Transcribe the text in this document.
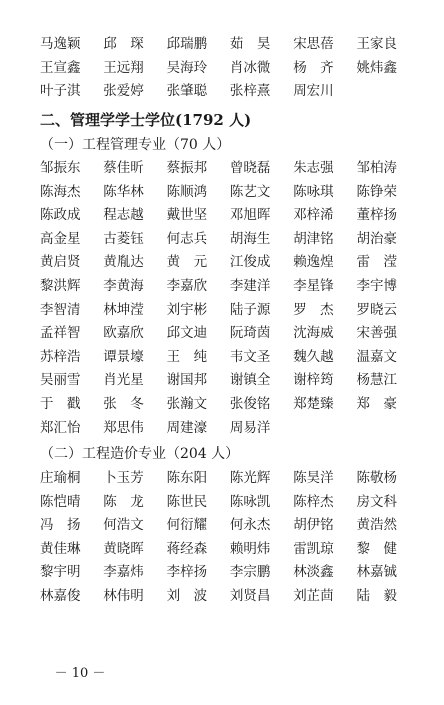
马逸颖	邱　琛	邱瑞鹏	茹　昊	宋思蓓	王家良
王宣鑫	王远翔	吴海玲	肖冰微	杨　齐	姚炜鑫
叶子淇	张爱婷	张肇聪	张梓熹	周宏川
二、管理学学士学位(1792 人)
（一）工程管理专业（70 人）
邹振东	蔡佳昕	蔡振邦	曾晓磊	朱志强	邹柏涛
陈海杰	陈华林	陈顺鸿	陈艺文	陈咏琪	陈铮荣
陈政成	程志越	戴世坚	邓旭晖	邓梓浠	董梓扬
高金星	古菱钰	何志兵	胡海生	胡津铭	胡治豪
黄启贤	黄胤达	黄　元	江俊成	赖逸煌	雷　滢
黎洪辉	李黄海	李嘉欣	李建洋	李星锋	李宇博
李智清	林坤滢	刘宇彬	陆子源	罗　杰	罗晓云
孟祥智	欧嘉欣	邱文迪	阮琦茵	沈海威	宋善强
苏梓浩	谭景壕	王　纯	韦文圣	魏久越	温嘉文
吴丽雪	肖光星	谢国邦	谢镇全	谢梓筠	杨慧江
于　戳	张　冬	张瀚文	张俊铭	郑楚臻	郑　豪
郑汇怡	郑思伟	周建濠	周易洋
（二）工程造价专业（204 人）
庄瑜桐	卜玉芳	陈东阳	陈光辉	陈昊洋	陈敬杨
陈恺晴	陈　龙	陈世民	陈咏凯	陈梓杰	房文科
冯　扬	何浩文	何衍耀	何永杰	胡伊铭	黄浩然
黄佳琳	黄晓晖	蒋经森	赖明炜	雷凯琼	黎　健
黎宇明	李嘉炜	李梓扬	李宗鹏	林淡鑫	林嘉铖
林嘉俊	林伟明	刘　波	刘贤昌	刘芷茴	陆　毅
－ 10 －
